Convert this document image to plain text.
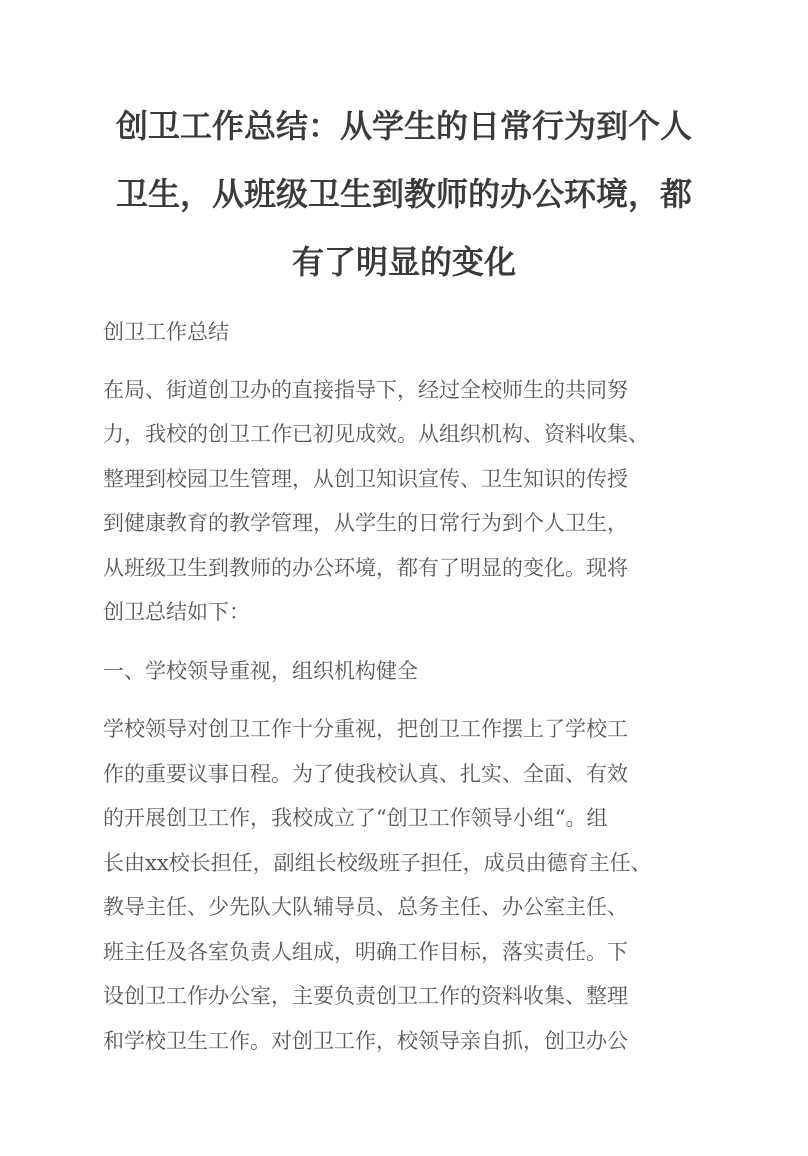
创卫工作总结：从学生的日常行为到个人
卫生，从班级卫生到教师的办公环境，都
有了明显的变化

创卫工作总结

在局、街道创卫办的直接指导下，经过全校师生的共同努
力，我校的创卫工作已初见成效。从组织机构、资料收集、
整理到校园卫生管理，从创卫知识宣传、卫生知识的传授
到健康教育的教学管理，从学生的日常行为到个人卫生，
从班级卫生到教师的办公环境，都有了明显的变化。现将
创卫总结如下：

一、学校领导重视，组织机构健全

学校领导对创卫工作十分重视，把创卫工作摆上了学校工
作的重要议事日程。为了使我校认真、扎实、全面、有效
的开展创卫工作，我校成立了“创卫工作领导小组“。组
长由xx校长担任，副组长校级班子担任，成员由德育主任、
教导主任、少先队大队辅导员、总务主任、办公室主任、
班主任及各室负责人组成，明确工作目标，落实责任。下
设创卫工作办公室，主要负责创卫工作的资料收集、整理
和学校卫生工作。对创卫工作，校领导亲自抓，创卫办公
